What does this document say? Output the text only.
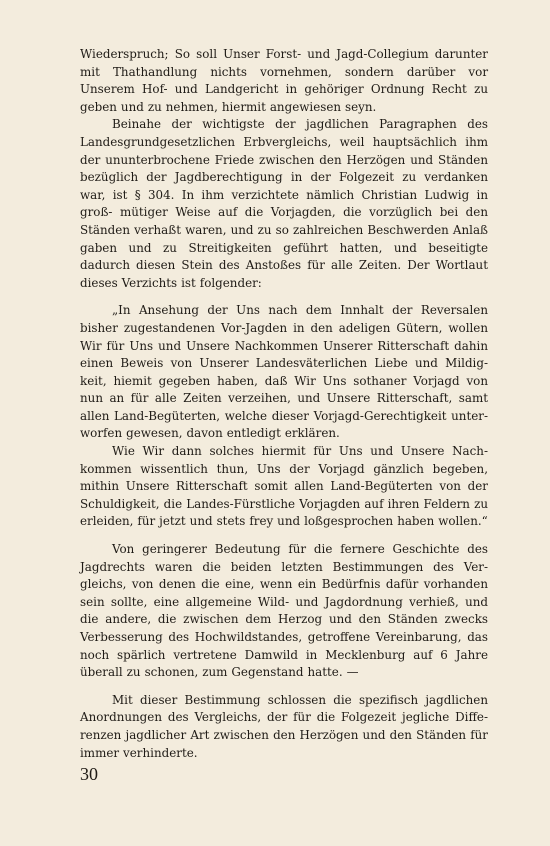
Wiederspruch; So soll Unser Forst- und Jagd-Collegium darunter mit Thathandlung nichts vornehmen, sondern darüber vor Unserem Hof- und Landgericht in gehöriger Ordnung Recht zu geben und zu nehmen, hiermit angewiesen seyn.

Beinahe der wichtigste der jagdlichen Paragraphen des Landesgrundgesetzlichen Erbvergleichs, weil hauptsächlich ihm der ununterbrochene Friede zwischen den Herzögen und Ständen bezüglich der Jagdberechtigung in der Folgezeit zu verdanken war, ist § 304. In ihm verzichtete nämlich Christian Ludwig in groß- mütiger Weise auf die Vorjagden, die vorzüglich bei den Ständen verhaßt waren, und zu so zahlreichen Beschwerden Anlaß gaben und zu Streitigkeiten geführt hatten, und beseitigte dadurch diesen Stein des Anstoßes für alle Zeiten. Der Wortlaut dieses Verzichts ist folgender:

„In Ansehung der Uns nach dem Innhalt der Reversalen bisher zugestandenen Vor-Jagden in den adeligen Gütern, wollen Wir für Uns und Unsere Nachkommen Unserer Ritterschaft dahin einen Beweis von Unserer Landesväterlichen Liebe und Mildig- keit, hiemit gegeben haben, daß Wir Uns sothaner Vorjagd von nun an für alle Zeiten verzeihen, und Unsere Ritterschaft, samt allen Land-Begüterten, welche dieser Vorjagd-Gerechtigkeit unter- worfen gewesen, davon entledigt erklären.

Wie Wir dann solches hiermit für Uns und Unsere Nach- kommen wissentlich thun, Uns der Vorjagd gänzlich begeben, mithin Unsere Ritterschaft somit allen Land-Begüterten von der Schuldigkeit, die Landes-Fürstliche Vorjagden auf ihren Feldern zu erleiden, für jetzt und stets frey und loßgesprochen haben wollen.“

Von geringerer Bedeutung für die fernere Geschichte des Jagdrechts waren die beiden letzten Bestimmungen des Ver- gleichs, von denen die eine, wenn ein Bedürfnis dafür vorhanden sein sollte, eine allgemeine Wild- und Jagdordnung verhieß, und die andere, die zwischen dem Herzog und den Ständen zwecks Verbesserung des Hochwildstandes, getroffene Vereinbarung, das noch spärlich vertretene Damwild in Mecklenburg auf 6 Jahre überall zu schonen, zum Gegenstand hatte. —

Mit dieser Bestimmung schlossen die spezifisch jagdlichen Anordnungen des Vergleichs, der für die Folgezeit jegliche Diffe- renzen jagdlicher Art zwischen den Herzögen und den Ständen für immer verhinderte.

30
